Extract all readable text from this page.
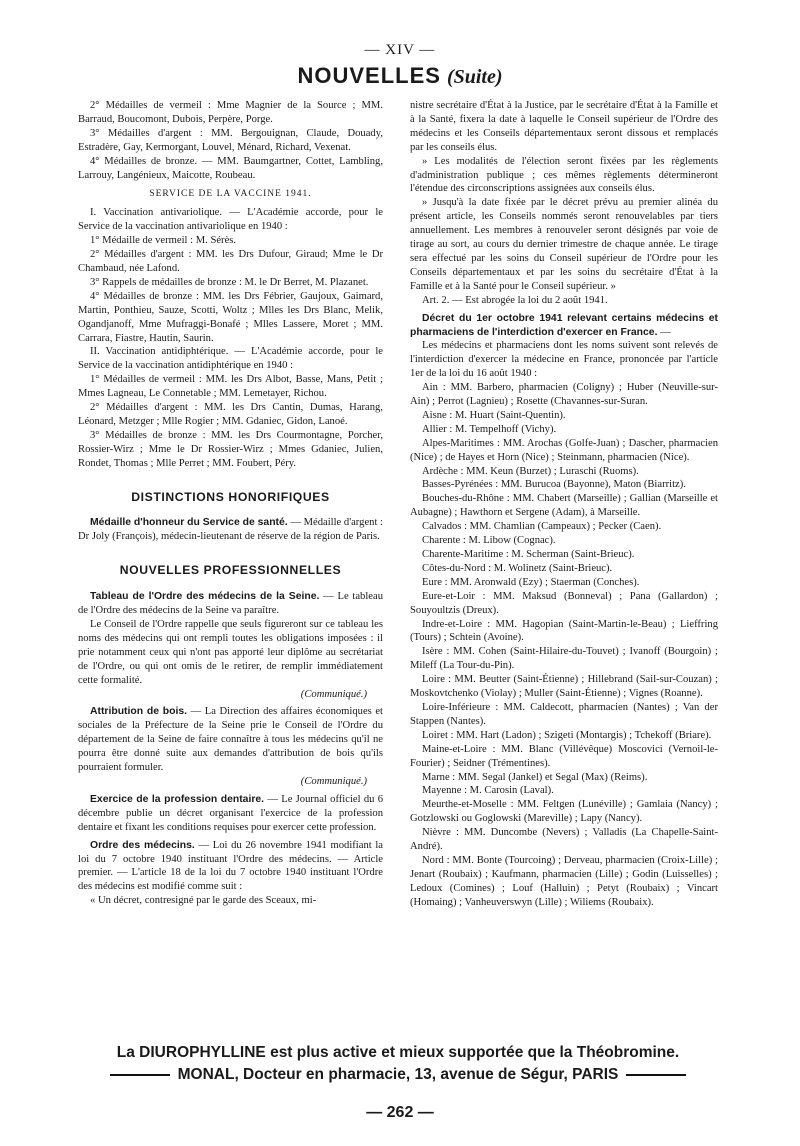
— XIV —
NOUVELLES (Suite)

2° Médailles de vermeil : Mme Magnier de la Source ; MM. Barraud, Boucomont, Dubois, Perpère, Porge.

3° Médailles d'argent : MM. Bergouignan, Claude, Douady, Estradère, Gay, Kermorgant, Louvel, Ménard, Richard, Vexenat.

4° Médailles de bronze. — MM. Baumgartner, Cottet, Lambling, Larrouy, Langénieux, Maicotte, Roubeau.

SERVICE DE LA VACCINE 1941.

I. Vaccination antivariolique. — L'Académie accorde, pour le Service de la vaccination antivariolique en 1940 :

1° Médaille de vermeil : M. Sérès.

2° Médailles d'argent : MM. les Drs Dufour, Giraud; Mme le Dr Chambaud, née Lafond.

3° Rappels de médailles de bronze : M. le Dr Berret, M. Plazanet.

4° Médailles de bronze : MM. les Drs Fébrier, Gaujoux, Gaimard, Martin, Ponthieu, Sauze, Scotti, Woltz ; Mlles les Drs Blanc, Melik, Ogandjanoff, Mme Mufraggi-Bonafé ; Mlles Lassere, Moret ; MM. Carrara, Fiastre, Hautin, Saurin.

II. Vaccination antidiphtérique. — L'Académie accorde, pour le Service de la vaccination antidiphtérique en 1940 :

1° Médailles de vermeil : MM. les Drs Albot, Basse, Mans, Petit ; Mmes Lagneau, Le Connetable ; MM. Lemetayer, Richou.

2° Médailles d'argent : MM. les Drs Cantin, Dumas, Harang, Léonard, Metzger ; Mlle Rogier ; MM. Gdaniec, Gidon, Lanoé.

3° Médailles de bronze : MM. les Drs Courmontagne, Porcher, Rossier-Wirz ; Mme le Dr Rossier-Wirz ; Mmes Gdaniec, Julien, Rondet, Thomas ; Mlle Perret ; MM. Foubert, Péry.

DISTINCTIONS HONORIFIQUES

Médaille d'honneur du Service de santé. — Médaille d'argent : Dr Joly (François), médecin-lieutenant de réserve de la région de Paris.

NOUVELLES PROFESSIONNELLES

Tableau de l'Ordre des médecins de la Seine. — Le tableau de l'Ordre des médecins de la Seine va paraître.

Le Conseil de l'Ordre rappelle que seuls figureront sur ce tableau les noms des médecins qui ont rempli toutes les obligations imposées : il prie notamment ceux qui n'ont pas apporté leur diplôme au secrétariat de l'Ordre, ou qui ont omis de le retirer, de remplir immédiatement cette formalité.

(Communiqué.)

Attribution de bois. — La Direction des affaires économiques et sociales de la Préfecture de la Seine prie le Conseil de l'Ordre du département de la Seine de faire connaître à tous les médecins qu'il ne pourra être donné suite aux demandes d'attribution de bois qu'ils pourraient formuler.

(Communiqué.)

Exercice de la profession dentaire. — Le Journal officiel du 6 décembre publie un décret organisant l'exercice de la profession dentaire et fixant les conditions requises pour exercer cette profession.

Ordre des médecins. — Loi du 26 novembre 1941 modifiant la loi du 7 octobre 1940 instituant l'Ordre des médecins. — Article premier. — L'article 18 de la loi du 7 octobre 1940 instituant l'Ordre des médecins est modifié comme suit :

« Un décret, contresigné par le garde des Sceaux, mi-

nistre secrétaire d'État à la Justice, par le secrétaire d'État à la Famille et à la Santé, fixera la date à laquelle le Conseil supérieur de l'Ordre des médecins et les Conseils départementaux seront dissous et remplacés par les conseils élus.

» Les modalités de l'élection seront fixées par les règlements d'administration publique ; ces mêmes règlements détermineront l'étendue des circonscriptions assignées aux conseils élus.

» Jusqu'à la date fixée par le décret prévu au premier alinéa du présent article, les Conseils nommés seront renouvelables par tiers annuellement. Les membres à renouveler seront désignés par voie de tirage au sort, au cours du dernier trimestre de chaque année. Le tirage sera effectué par les soins du Conseil supérieur de l'Ordre pour les Conseils départementaux et par les soins du secrétaire d'État à la Famille et à la Santé pour le Conseil supérieur. »

Art. 2. — Est abrogée la loi du 2 août 1941.

Décret du 1er octobre 1941 relevant certains médecins et pharmaciens de l'interdiction d'exercer en France. —

Les médecins et pharmaciens dont les noms suivent sont relevés de l'interdiction d'exercer la médecine en France, prononcée par l'article 1er de la loi du 16 août 1940 :

Ain : MM. Barbero, pharmacien (Coligny) ; Huber (Neuville-sur-Ain) ; Perrot (Lagnieu) ; Rosette (Chavannes-sur-Suran.

Aisne : M. Huart (Saint-Quentin).

Allier : M. Tempelhoff (Vichy).

Alpes-Maritimes : MM. Arochas (Golfe-Juan) ; Dascher, pharmacien (Nice) ; de Hayes et Horn (Nice) ; Steinmann, pharmacien (Nice).

Ardèche : MM. Keun (Burzet) ; Luraschi (Ruoms).

Basses-Pyrénées : MM. Burucoa (Bayonne), Maton (Biarritz).

Bouches-du-Rhône : MM. Chabert (Marseille) ; Gallian (Marseille et Aubagne) ; Hawthorn et Sergene (Adam), à Marseille.

Calvados : MM. Chamlian (Campeaux) ; Pecker (Caen).

Charente : M. Libow (Cognac).

Charente-Maritime : M. Scherman (Saint-Brieuc).

Côtes-du-Nord : M. Wolinetz (Saint-Brieuc).

Eure : MM. Aronwald (Ezy) ; Staerman (Conches).

Eure-et-Loir : MM. Maksud (Bonneval) ; Pana (Gallardon) ; Souyoultzis (Dreux).

Indre-et-Loire : MM. Hagopian (Saint-Martin-le-Beau) ; Lieffring (Tours) ; Schtein (Avoine).

Isère : MM. Cohen (Saint-Hilaire-du-Touvet) ; Ivanoff (Bourgoin) ; Mileff (La Tour-du-Pin).

Loire : MM. Beutter (Saint-Étienne) ; Hillebrand (Sail-sur-Couzan) ; Moskovtchenko (Violay) ; Muller (Saint-Étienne) ; Vignes (Roanne).

Loire-Inférieure : MM. Caldecott, pharmacien (Nantes) ; Van der Stappen (Nantes).

Loiret : MM. Hart (Ladon) ; Szigeti (Montargis) ; Tchekoff (Briare).

Maine-et-Loire : MM. Blanc (Villévêque) Moscovici (Vernoil-le-Fourier) ; Seidner (Trémentines).

Marne : MM. Segal (Jankel) et Segal (Max) (Reims).

Mayenne : M. Carosin (Laval).

Meurthe-et-Moselle : MM. Feltgen (Lunéville) ; Gamlaia (Nancy) ; Gotzlowski ou Goglowski (Mareville) ; Lapy (Nancy).

Nièvre : MM. Duncombe (Nevers) ; Valladis (La Chapelle-Saint-André).

Nord : MM. Bonte (Tourcoing) ; Derveau, pharmacien (Croix-Lille) ; Jenart (Roubaix) ; Kaufmann, pharmacien (Lille) ; Godin (Luisselles) ; Ledoux (Comines) ; Louf (Halluin) ; Petyt (Roubaix) ; Vincart (Homaing) ; Vanheuverswyn (Lille) ; Wiliems (Roubaix).

La DIUROPHYLLINE est plus active et mieux supportée que la Théobromine.
MONAL, Docteur en pharmacie, 13, avenue de Ségur, PARIS
— 262 —
